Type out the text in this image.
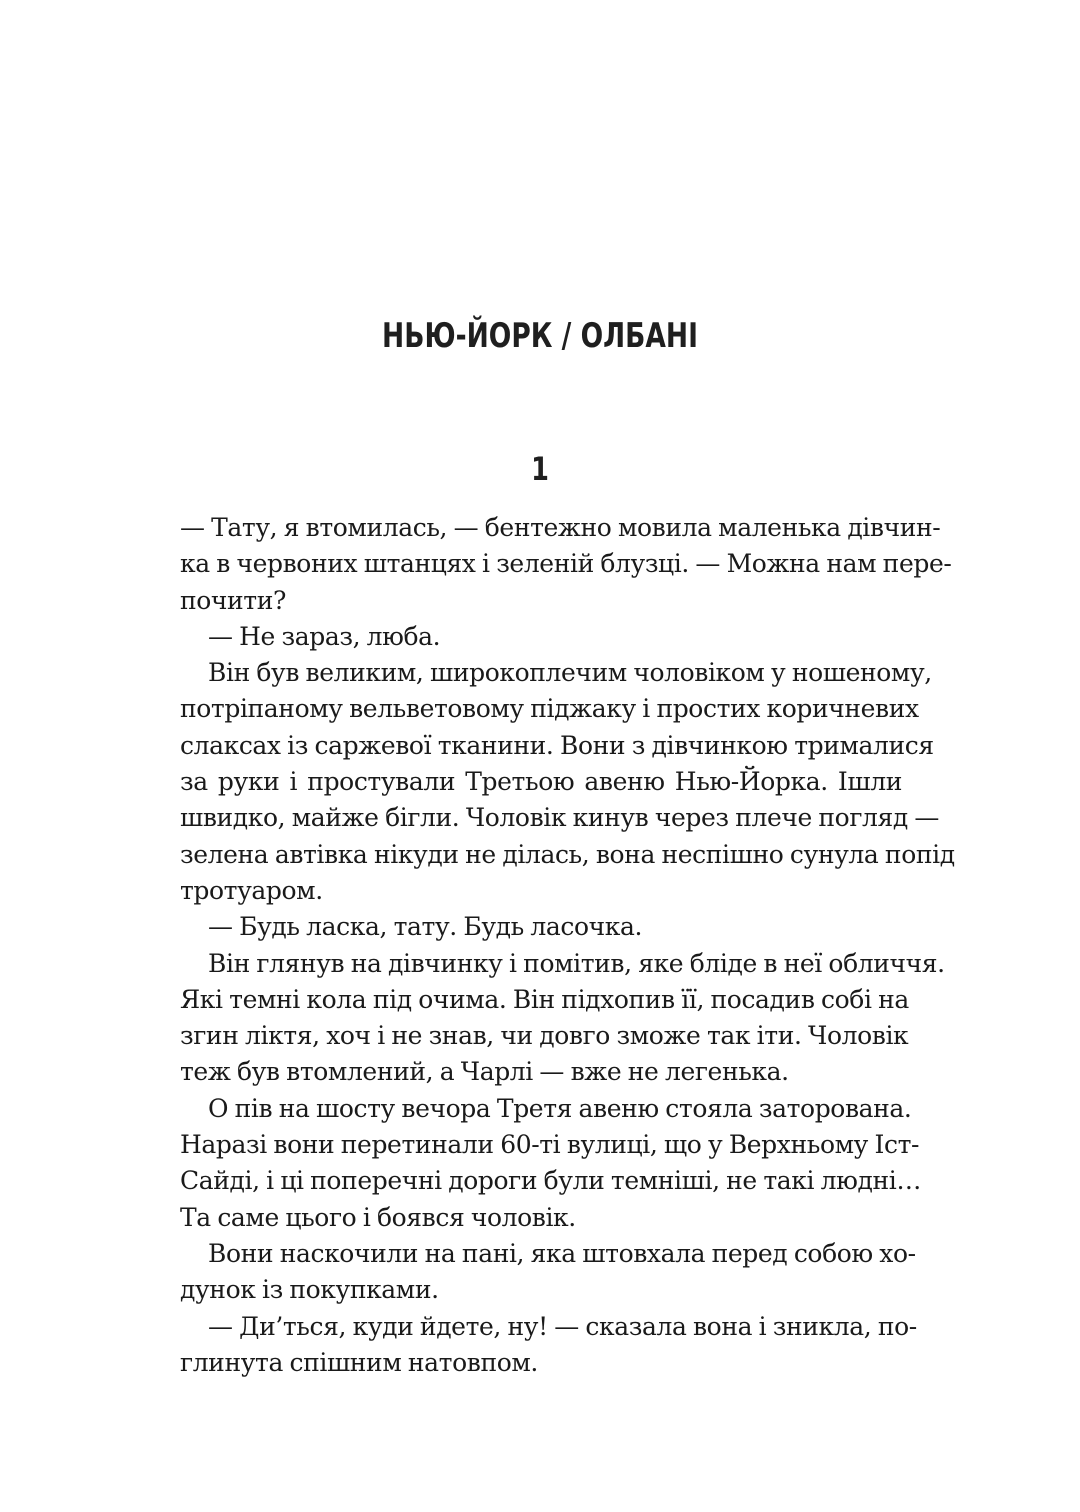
НЬЮ-ЙОРК / ОЛБАНІ
1
— Тату, я втомилась, — бентежно мовила маленька дівчин-
ка в червоних штанцях і зеленій блузці. — Можна нам пере-
почити?
— Не зараз, люба.
Він був великим, широкоплечим чоловіком у ношеному,
потріпаному вельветовому піджаку і простих коричневих
слаксах із саржевої тканини. Вони з дівчинкою трималися
за руки і простували Третьою авеню Нью-Йорка. Ішли
швидко, майже бігли. Чоловік кинув через плече погляд —
зелена автівка нікуди не ділась, вона неспішно сунула попід
тротуаром.
— Будь ласка, тату. Будь ласочка.
Він глянув на дівчинку і помітив, яке бліде в неї обличчя.
Які темні кола під очима. Він підхопив її, посадив собі на
згин ліктя, хоч і не знав, чи довго зможе так іти. Чоловік
теж був втомлений, а Чарлі — вже не легенька.
О пів на шосту вечора Третя авеню стояла заторована.
Наразі вони перетинали 60-ті вулиці, що у Верхньому Іст-
Сайді, і ці поперечні дороги були темніші, не такі людні…
Та саме цього і боявся чоловік.
Вони наскочили на пані, яка штовхала перед собою хо-
дунок із покупками.
— Ди’ться, куди йдете, ну! — сказала вона і зникла, по-
глинута спішним натовпом.
